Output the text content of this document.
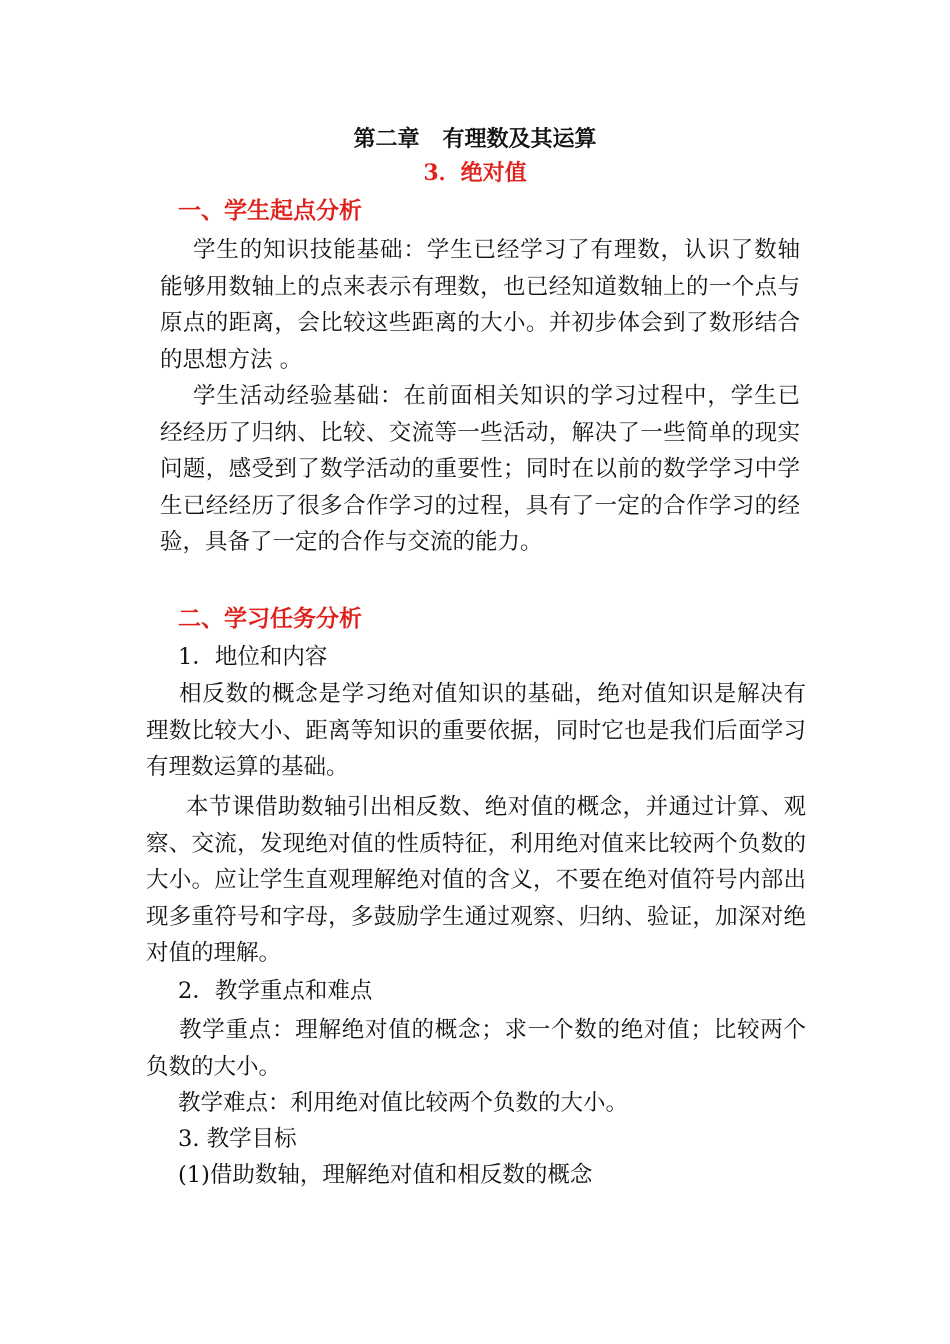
第二章   有理数及其运算
3．绝对值
一、学生起点分析
学生的知识技能基础：学生已经学习了有理数，认识了数轴能够用数轴上的点来表示有理数，也已经知道数轴上的一个点与原点的距离，会比较这些距离的大小。并初步体会到了数形结合的思想方法 。
学生活动经验基础：在前面相关知识的学习过程中，学生已经经历了归纳、比较、交流等一些活动，解决了一些简单的现实问题，感受到了数学活动的重要性；同时在以前的数学学习中学生已经经历了很多合作学习的过程，具有了一定的合作学习的经验，具备了一定的合作与交流的能力。
二、学习任务分析
1．地位和内容
相反数的概念是学习绝对值知识的基础，绝对值知识是解决有理数比较大小、距离等知识的重要依据，同时它也是我们后面学习有理数运算的基础。
本节课借助数轴引出相反数、绝对值的概念，并通过计算、观察、交流，发现绝对值的性质特征，利用绝对值来比较两个负数的大小。应让学生直观理解绝对值的含义，不要在绝对值符号内部出现多重符号和字母，多鼓励学生通过观察、归纳、验证，加深对绝对值的理解。
2．教学重点和难点
教学重点：理解绝对值的概念；求一个数的绝对值；比较两个负数的大小。
教学难点：利用绝对值比较两个负数的大小。
3. 教学目标
(1)借助数轴，理解绝对值和相反数的概念
